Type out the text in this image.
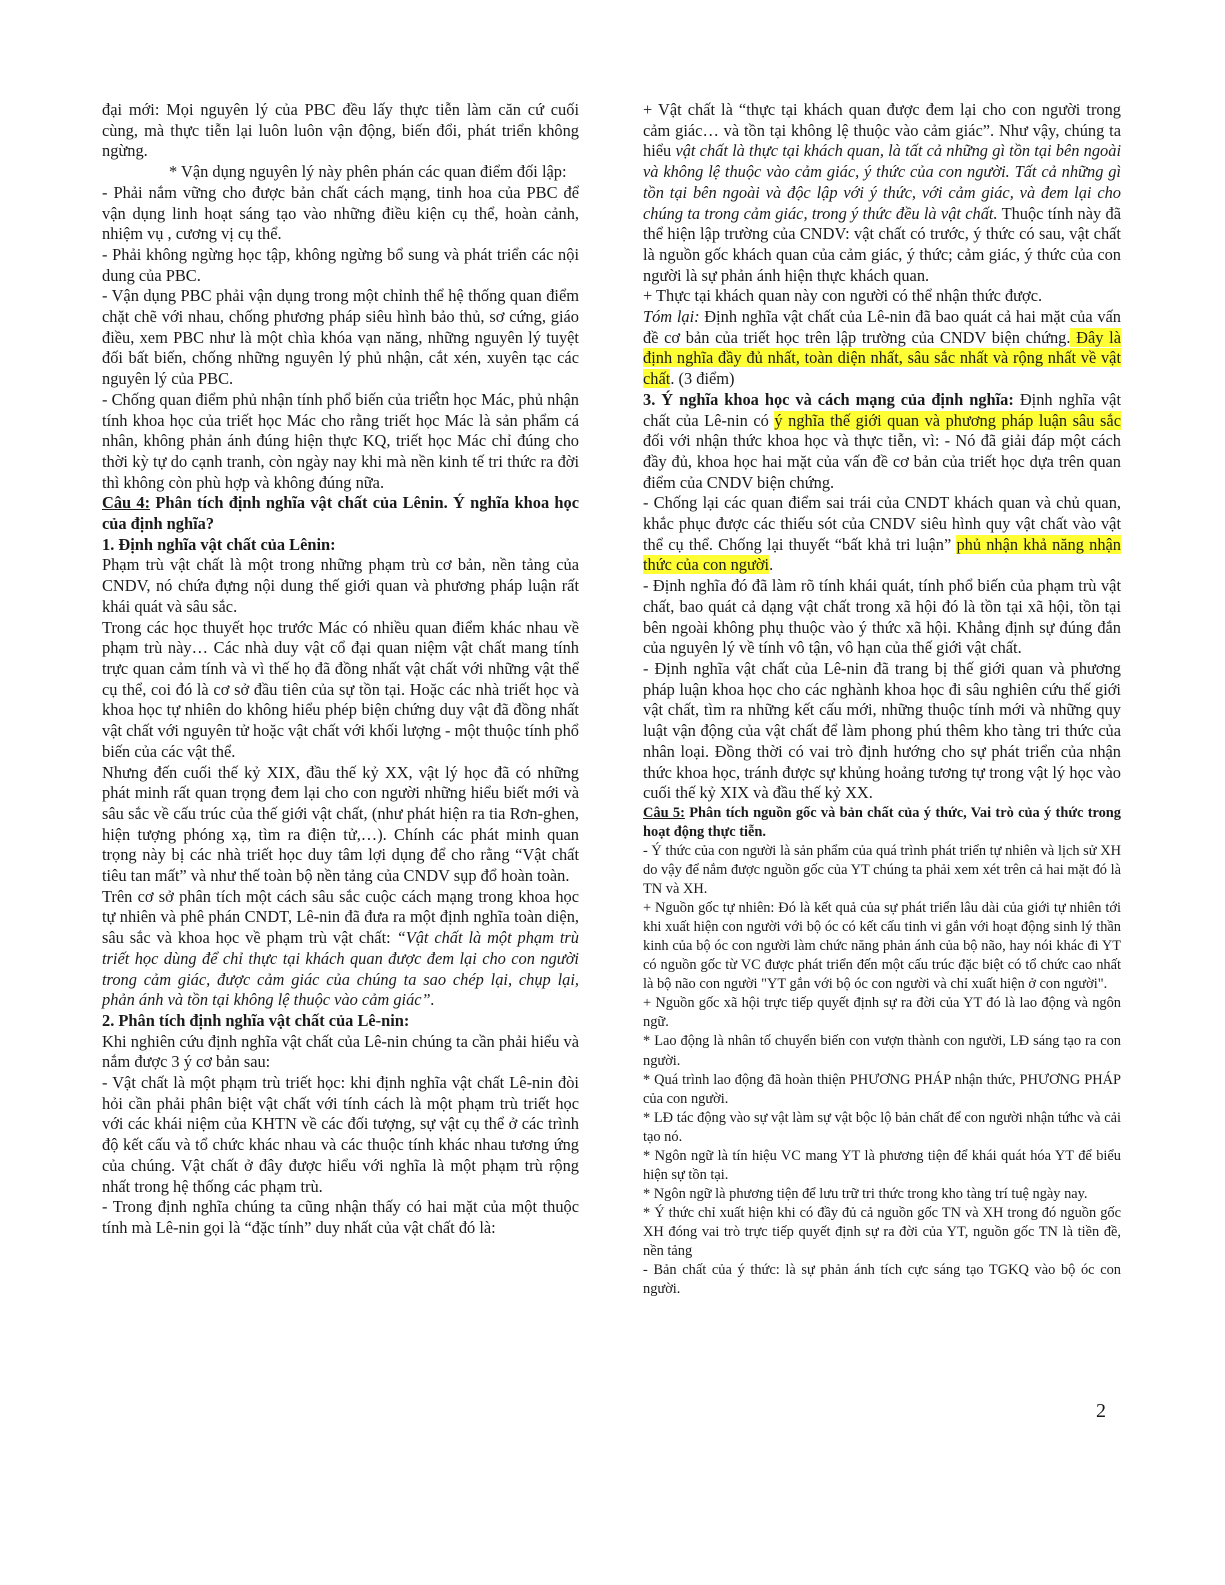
đại mới: Mọi nguyên lý của PBC đều lấy thực tiễn làm căn cứ cuối cùng, mà thực tiễn lại luôn luôn vận động, biến đổi, phát triển không ngừng.

* Vận dụng nguyên lý này phên phán các quan điểm đối lập:

- Phải nắm vững cho được bản chất cách mạng, tinh hoa của PBC để vận dụng linh hoạt sáng tạo vào những điều kiện cụ thể, hoàn cảnh, nhiệm vụ , cương vị cụ thể.

- Phải không ngừng học tập, không ngừng bổ sung và phát triển các nội dung của PBC.

- Vận dụng PBC phải vận dụng trong một chỉnh thể hệ thống quan điểm chặt chẽ với nhau, chống phương pháp siêu hình bảo thủ, sơ cứng, giáo điều, xem PBC như là một chìa khóa vạn năng, những nguyên lý tuyệt đối bất biến, chống những nguyên lý phủ nhận, cắt xén, xuyên tạc các nguyên lý của PBC.

- Chống quan điểm phủ nhận tính phổ biến của triết̀n học Mác, phủ nhận tính khoa học của triết học Mác cho rằng triết học Mác là sản phẩm cá nhân, không phản ánh đúng hiện thực KQ, triết học Mác chỉ đúng cho thời kỳ tự do cạnh tranh, còn ngày nay khi mà nền kinh tế tri thức ra đời thì không còn phù hợp và không đúng nữa.

Câu 4: Phân tích định nghĩa vật chất của Lênin. Ý nghĩa khoa học của định nghĩa?

1. Định nghĩa vật chất của Lênin:

Phạm trù vật chất là một trong những phạm trù cơ bản, nền tảng của CNDV, nó chứa đựng nội dung thế giới quan và phương pháp luận rất khái quát và sâu sắc.

Trong các học thuyết học trước Mác có nhiều quan điểm khác nhau về phạm trù này… Các nhà duy vật cổ đại quan niệm vật chất mang tính trực quan cảm tính và vì thế họ đã đồng nhất vật chất với những vật thể cụ thể, coi đó là cơ sở đầu tiên của sự tồn tại. Hoặc các nhà triết học và khoa học tự nhiên do không hiểu phép biện chứng duy vật đã đồng nhất vật chất với nguyên tử hoặc vật chất với khối lượng - một thuộc tính phổ biến của các vật thể.

Nhưng đến cuối thế kỷ XIX, đầu thế kỷ XX, vật lý học đã có những phát minh rất quan trọng đem lại cho con người những hiểu biết mới và sâu sắc về cấu trúc của thế giới vật chất, (như phát hiện ra tia Rơn-ghen, hiện tượng phóng xạ, tìm ra điện tử,…). Chính các phát minh quan trọng này bị các nhà triết học duy tâm lợi dụng để cho rằng “Vật chất tiêu tan mất” và như thế toàn bộ nền tảng của CNDV sụp đổ hoàn toàn.

Trên cơ sở phân tích một cách sâu sắc cuộc cách mạng trong khoa học tự nhiên và phê phán CNDT, Lê-nin đã đưa ra một định nghĩa toàn diện, sâu sắc và khoa học về phạm trù vật chất: “Vật chất là một phạm trù triết học dùng để chỉ thực tại khách quan được đem lại cho con người trong cảm giác, được cảm giác của chúng ta sao chép lại, chụp lại, phản ánh và tồn tại không lệ thuộc vào cảm giác”.

2. Phân tích định nghĩa vật chất của Lê-nin:

Khi nghiên cứu định nghĩa vật chất của Lê-nin chúng ta cần phải hiểu và nắm được 3 ý cơ bản sau:

- Vật chất là một phạm trù triết học: khi định nghĩa vật chất Lê-nin đòi hỏi cần phải phân biệt vật chất với tính cách là một phạm trù triết học với các khái niệm của KHTN về các đối tượng, sự vật cụ thể ở các trình độ kết cấu và tổ chức khác nhau và các thuộc tính khác nhau tương ứng của chúng. Vật chất ở đây được hiểu với nghĩa là một phạm trù rộng nhất trong hệ thống các phạm trù.

- Trong định nghĩa chúng ta cũng nhận thấy có hai mặt của một thuộc tính mà Lê-nin gọi là “đặc tính” duy nhất của vật chất đó là:

+ Vật chất là “thực tại khách quan được đem lại cho con người trong cảm giác… và tồn tại không lệ thuộc vào cảm giác”. Như vậy, chúng ta hiểu vật chất là thực tại khách quan, là tất cả những gì tồn tại bên ngoài và không lệ thuộc vào cảm giác, ý thức của con người. Tất cả những gì tồn tại bên ngoài và độc lập với ý thức, với cảm giác, và đem lại cho chúng ta trong cảm giác, trong ý thức đều là vật chất. Thuộc tính này đã thể hiện lập trường của CNDV: vật chất có trước, ý thức có sau, vật chất là nguồn gốc khách quan của cảm giác, ý thức; cảm giác, ý thức của con người là sự phản ánh hiện thực khách quan.

+ Thực tại khách quan này con người có thể nhận thức được.

Tóm lại: Định nghĩa vật chất của Lê-nin đã bao quát cả hai mặt của vấn đề cơ bản của triết học trên lập trường của CNDV biện chứng. Đây là định nghĩa đầy đủ nhất, toàn diện nhất, sâu sắc nhất và rộng nhất về vật chất. (3 điểm)

3. Ý nghĩa khoa học và cách mạng của định nghĩa: Định nghĩa vật chất của Lê-nin có ý nghĩa thế giới quan và phương pháp luận sâu sắc đối với nhận thức khoa học và thực tiễn, vì: - Nó đã giải đáp một cách đầy đủ, khoa học hai mặt của vấn đề cơ bản của triết học dựa trên quan điểm của CNDV biện chứng.

- Chống lại các quan điểm sai trái của CNDT khách quan và chủ quan, khắc phục được các thiếu sót của CNDV siêu hình quy vật chất vào vật thể cụ thể. Chống lại thuyết “bất khả tri luận” phủ nhận khả năng nhận thức của con người.

- Định nghĩa đó đã làm rõ tính khái quát, tính phổ biến của phạm trù vật chất, bao quát cả dạng vật chất trong xã hội đó là tồn tại xã hội, tồn tại bên ngoài không phụ thuộc vào ý thức xã hội. Khẳng định sự đúng đắn của nguyên lý về tính vô tận, vô hạn của thế giới vật chất.

- Định nghĩa vật chất của Lê-nin đã trang bị thế giới quan và phương pháp luận khoa học cho các nghành khoa học đi sâu nghiên cứu thế giới vật chất, tìm ra những kết cấu mới, những thuộc tính mới và những quy luật vận động của vật chất để làm phong phú thêm kho tàng tri thức của nhân loại. Đồng thời có vai trò định hướng cho sự phát triển của nhận thức khoa học, tránh được sự khủng hoảng tương tự trong vật lý học vào cuối thế kỷ XIX và đầu thế kỷ XX.

Câu 5: Phân tích nguồn gốc và bản chất của ý thức, Vai trò của ý thức trong hoạt động thực tiễn.

- Ý thức của con người là sản phẩm của quá trình phát triển tự nhiên và lịch sử XH do vậy để nắm được nguồn gốc của YT chúng ta phải xem xét trên cả hai mặt đó là TN và XH.

+ Nguồn gốc tự nhiên: Đó là kết quả của sự phát triển lâu dài của giới tự nhiên tới khi xuất hiện con người với bộ óc có kết cấu tinh vi gắn với hoạt động sinh lý thần kinh của bộ óc con người làm chức năng phản ánh của bộ não, hay nói khác đi YT có nguồn gốc từ VC được phát triển đến một cấu trúc đặc biệt có tổ chức cao nhất là bộ não con người "YT gắn với bộ óc con người và chỉ xuất hiện ở con người".

+ Nguồn gốc xã hội trực tiếp quyết định sự ra đời của YT đó là lao động và ngôn ngữ.

* Lao động là nhân tố chuyển biến con vượn thành con người, LĐ sáng tạo ra con người.

* Quá trình lao động đã hoàn thiện PHƯƠNG PHÁP nhận thức, PHƯƠNG PHÁP của con người.

* LĐ tác động vào sự vật làm sự vật bộc lộ bản chất để con người nhận tứhc và cải tạo nó.

* Ngôn ngữ là tín hiệu VC mang YT là phương tiện để khái quát hóa YT để biểu hiện sự tồn tại.

* Ngôn ngữ là phương tiện để lưu trữ tri thức trong kho tàng trí tuệ ngày nay.

* Ý thức chỉ xuất hiện khi có đầy đủ cả nguồn gốc TN và XH trong đó nguồn gốc XH đóng vai trò trực tiếp quyết định sự ra đời của YT, nguồn gốc TN là tiền đề, nền tảng

- Bản chất của ý thức: là sự phản ánh tích cực sáng tạo TGKQ vào bộ óc con người.

2
